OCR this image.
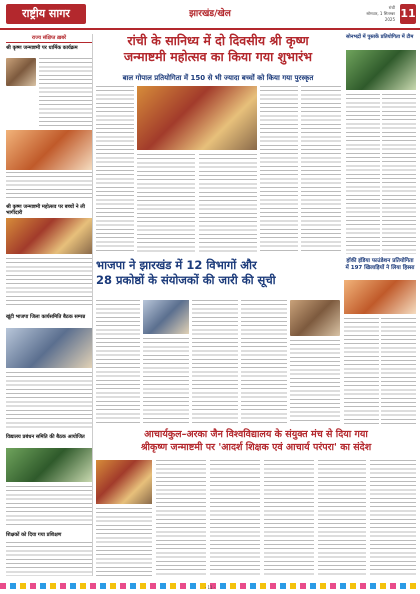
राष्ट्रीय सागर	झारखंड/खेल
रांची
सोमवार, 1 सितम्बर 2025 11
राज्य संक्षिप्त ख़बरें
श्री कृष्ण जन्माष्टमी पर धार्मिक कार्यक्रम
श्री कृष्ण जन्माष्टमी महोत्सव पर बच्चों ने ली भागीदारी
खूंटी भाजपा जिला कार्यसमिति बैठक सम्पन्न
विद्यालय प्रबंधन समिति की बैठक आयोजित
शिक्षकों को दिया गया प्रशिक्षण
रांची के सानिध्य में दो दिवसीय श्री कृष्ण
जन्माष्टमी महोत्सव का किया गया शुभारंभ
बाल गोपाल प्रतियोगिता में 150 से भी ज्यादा बच्चों को किया गया पुरस्कृत
भाजपा ने झारखंड में 12 विभागों और
28 प्रकोष्ठों के संयोजकों की जारी की सूची
सोनभद्रों में पुस्तकें प्रतियोगिता में टीम
हॉकी इंडिया फाउंडेशन प्रतियोगिता में 197 खिलाड़ियों ने लिया हिस्सा
आचार्यकुल–अरका जैन विश्वविद्यालय के संयुक्त मंच से दिया गया
श्रीकृष्ण जन्माष्टमी पर 'आदर्श शिक्षक एवं आचार्य परंपरा' का संदेश
- 11 -
